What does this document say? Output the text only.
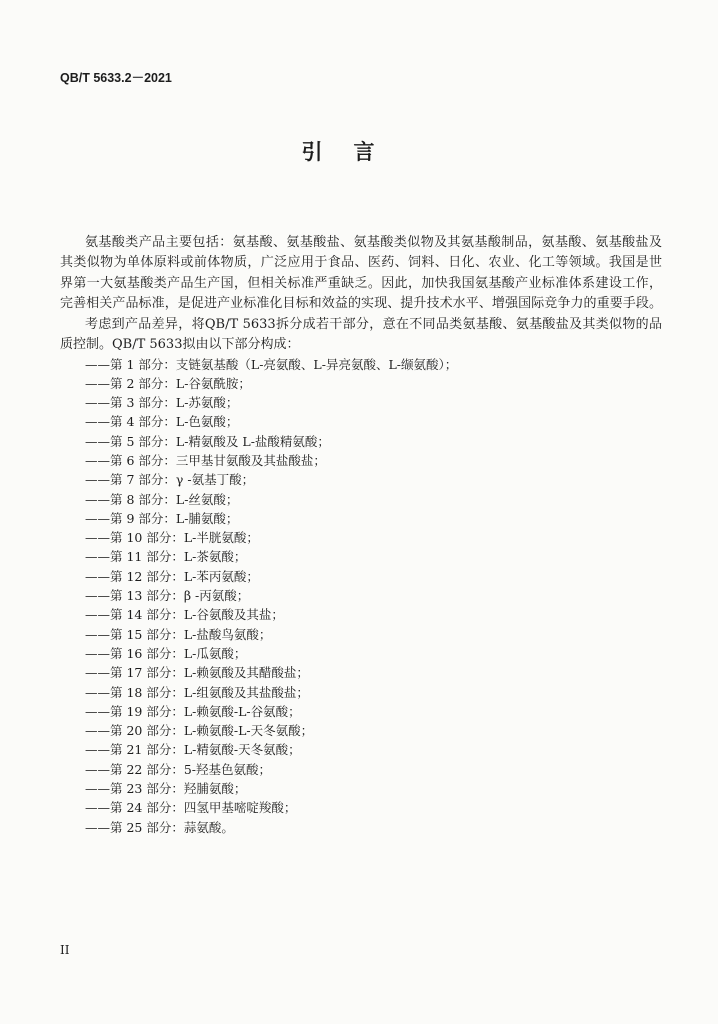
QB/T 5633.2－2021
引　言
氨基酸类产品主要包括：氨基酸、氨基酸盐、氨基酸类似物及其氨基酸制品，氨基酸、氨基酸盐及
其类似物为单体原料或前体物质，广泛应用于食品、医药、饲料、日化、农业、化工等领域。我国是世
界第一大氨基酸类产品生产国，但相关标准严重缺乏。因此，加快我国氨基酸产业标准体系建设工作，
完善相关产品标准，是促进产业标准化目标和效益的实现、提升技术水平、增强国际竞争力的重要手段。
考虑到产品差异，将QB/T 5633拆分成若干部分，意在不同品类氨基酸、氨基酸盐及其类似物的品
质控制。QB/T 5633拟由以下部分构成：
——第 1 部分：支链氨基酸（L-亮氨酸、L-异亮氨酸、L-缬氨酸）；
——第 2 部分：L-谷氨酰胺；
——第 3 部分：L-苏氨酸；
——第 4 部分：L-色氨酸；
——第 5 部分：L-精氨酸及 L-盐酸精氨酸；
——第 6 部分：三甲基甘氨酸及其盐酸盐；
——第 7 部分：γ -氨基丁酸；
——第 8 部分：L-丝氨酸；
——第 9 部分：L-脯氨酸；
——第 10 部分：L-半胱氨酸；
——第 11 部分：L-茶氨酸；
——第 12 部分：L-苯丙氨酸；
——第 13 部分：β -丙氨酸；
——第 14 部分：L-谷氨酸及其盐；
——第 15 部分：L-盐酸鸟氨酸；
——第 16 部分：L-瓜氨酸；
——第 17 部分：L-赖氨酸及其醋酸盐；
——第 18 部分：L-组氨酸及其盐酸盐；
——第 19 部分：L-赖氨酸-L-谷氨酸；
——第 20 部分：L-赖氨酸-L-天冬氨酸；
——第 21 部分：L-精氨酸-天冬氨酸；
——第 22 部分：5-羟基色氨酸；
——第 23 部分：羟脯氨酸；
——第 24 部分：四氢甲基嘧啶羧酸；
——第 25 部分：蒜氨酸。
II
